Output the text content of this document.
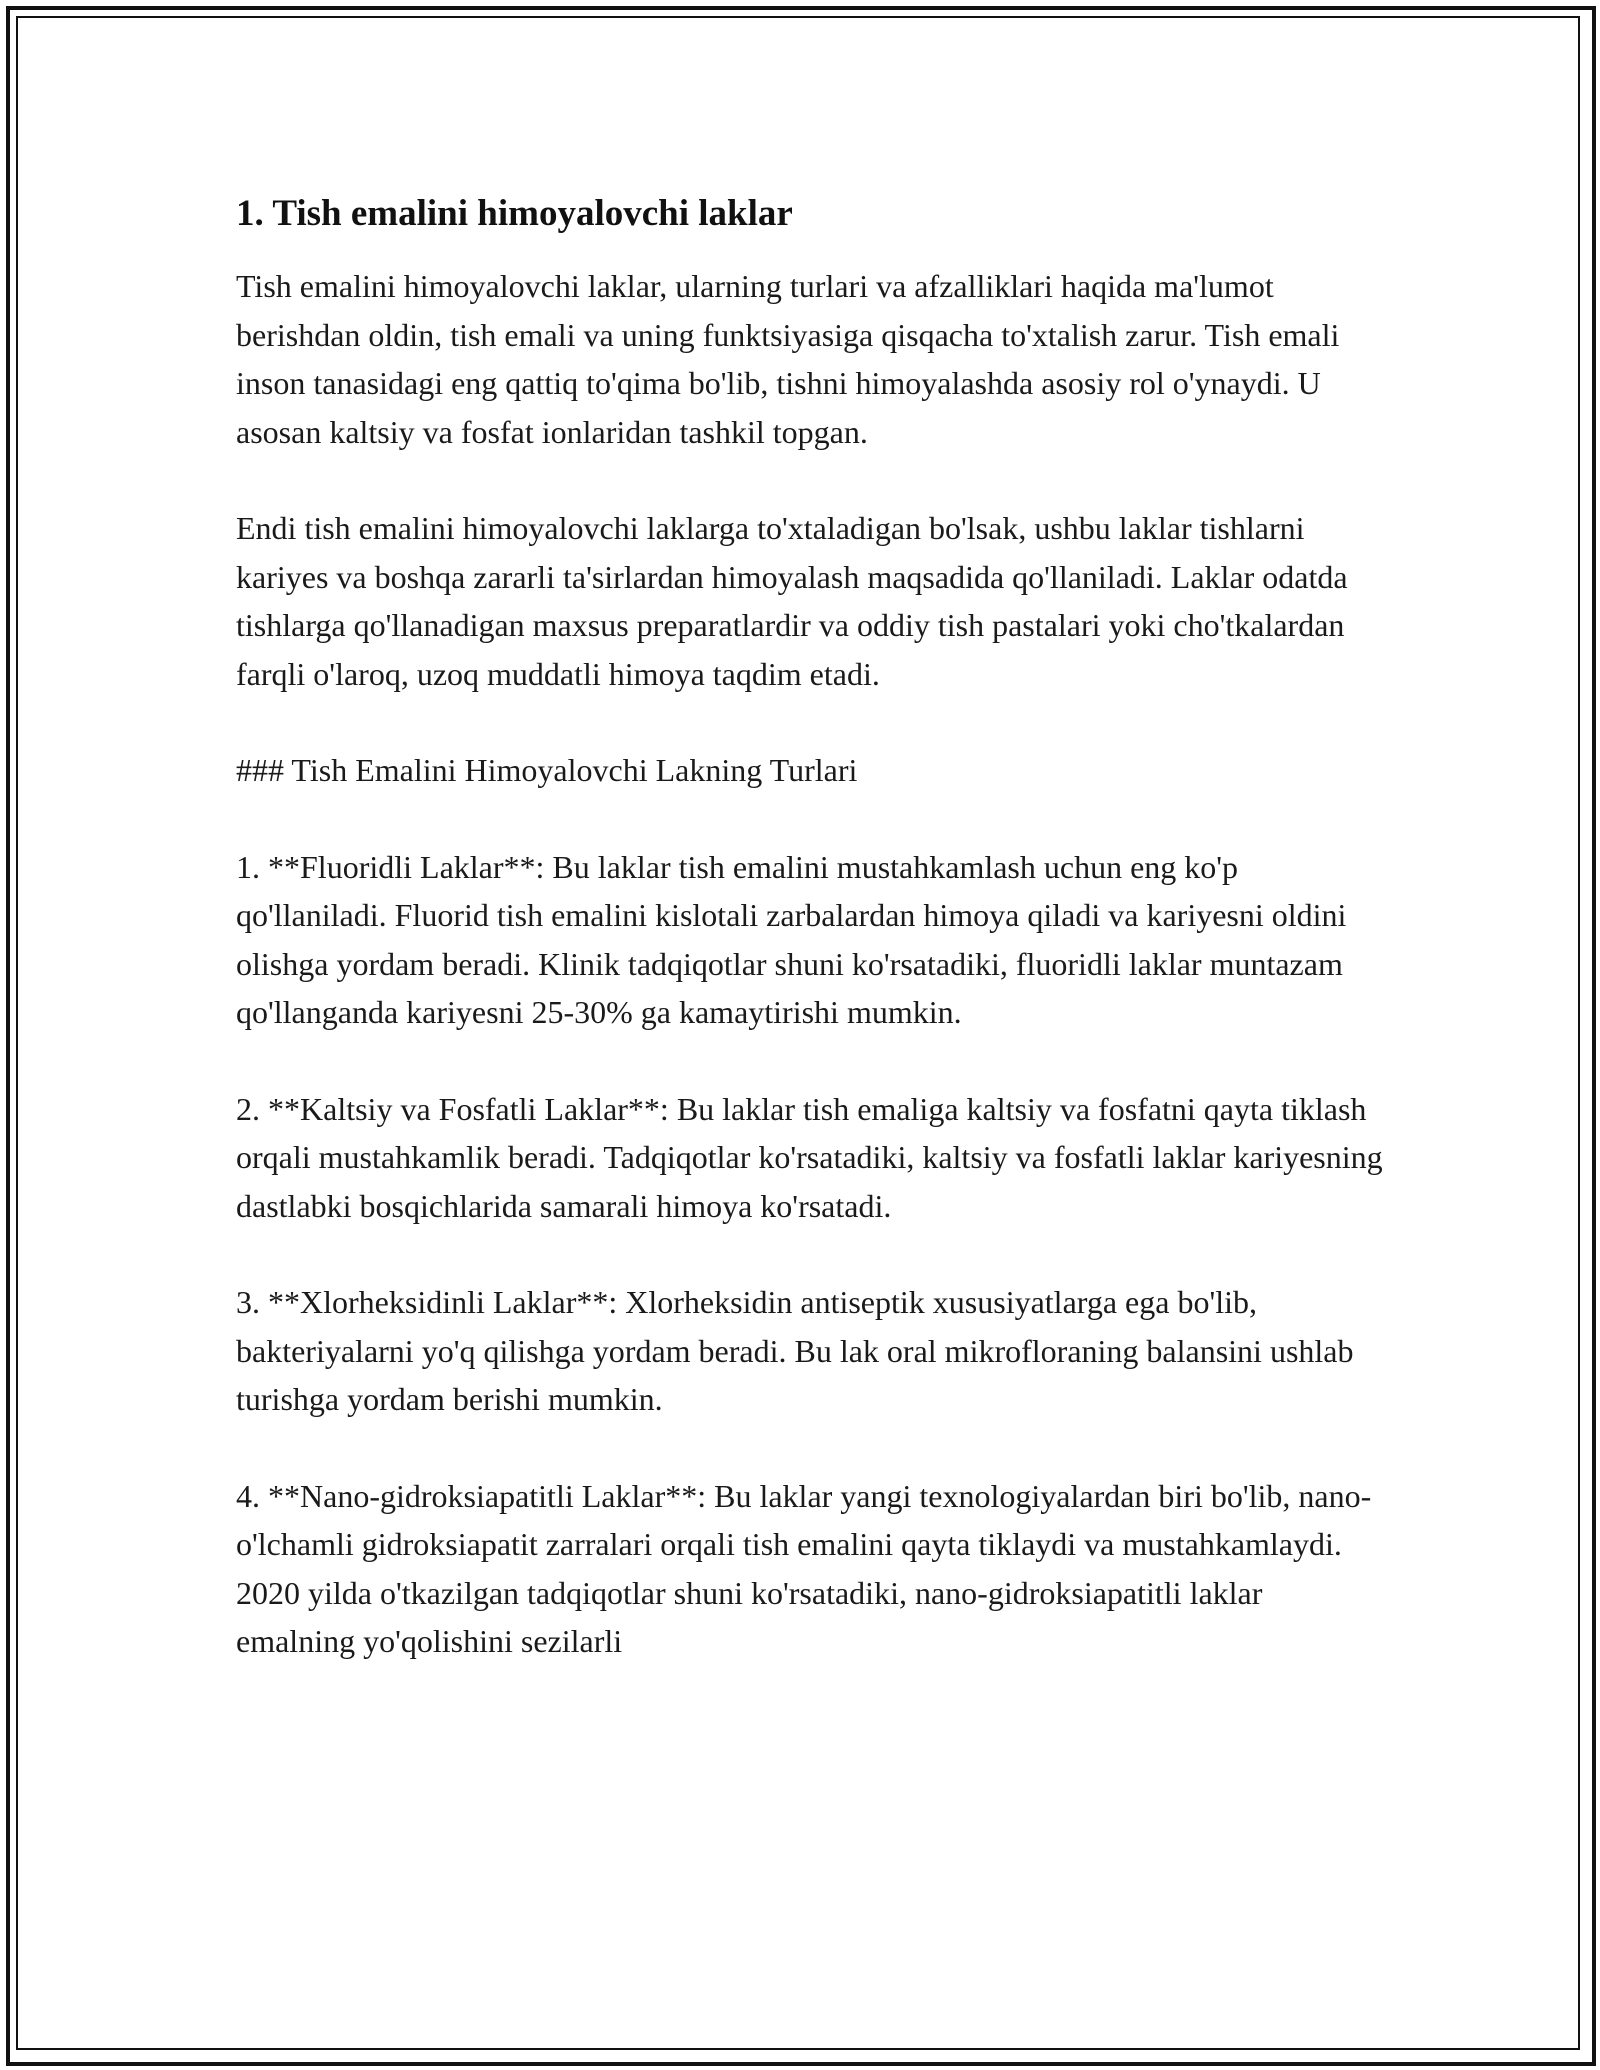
1. Tish emalini himoyalovchi laklar

Tish emalini himoyalovchi laklar, ularning turlari va afzalliklari haqida ma'lumot berishdan oldin, tish emali va uning funktsiyasiga qisqacha to'xtalish zarur. Tish emali inson tanasidagi eng qattiq to'qima bo'lib, tishni himoyalashda asosiy rol o'ynaydi. U asosan kaltsiy va fosfat ionlaridan tashkil topgan.

Endi tish emalini himoyalovchi laklarga to'xtaladigan bo'lsak, ushbu laklar tishlarni kariyes va boshqa zararli ta'sirlardan himoyalash maqsadida qo'llaniladi. Laklar odatda tishlarga qo'llanadigan maxsus preparatlardir va oddiy tish pastalari yoki cho'tkalardan farqli o'laroq, uzoq muddatli himoya taqdim etadi.

### Tish Emalini Himoyalovchi Lakning Turlari

1. **Fluoridli Laklar**: Bu laklar tish emalini mustahkamlash uchun eng ko'p qo'llaniladi. Fluorid tish emalini kislotali zarbalardan himoya qiladi va kariyesni oldini olishga yordam beradi. Klinik tadqiqotlar shuni ko'rsatadiki, fluoridli laklar muntazam qo'llanganda kariyesni 25-30% ga kamaytirishi mumkin.

2. **Kaltsiy va Fosfatli Laklar**: Bu laklar tish emaliga kaltsiy va fosfatni qayta tiklash orqali mustahkamlik beradi. Tadqiqotlar ko'rsatadiki, kaltsiy va fosfatli laklar kariyesning dastlabki bosqichlarida samarali himoya ko'rsatadi.

3. **Xlorheksidinli Laklar**: Xlorheksidin antiseptik xususiyatlarga ega bo'lib, bakteriyalarni yo'q qilishga yordam beradi. Bu lak oral mikrofloraning balansini ushlab turishga yordam berishi mumkin.

4. **Nano-gidroksiapatitli Laklar**: Bu laklar yangi texnologiyalardan biri bo'lib, nano-o'lchamli gidroksiapatit zarralari orqali tish emalini qayta tiklaydi va mustahkamlaydi. 2020 yilda o'tkazilgan tadqiqotlar shuni ko'rsatadiki, nano-gidroksiapatitli laklar emalning yo'qolishini sezilarli
